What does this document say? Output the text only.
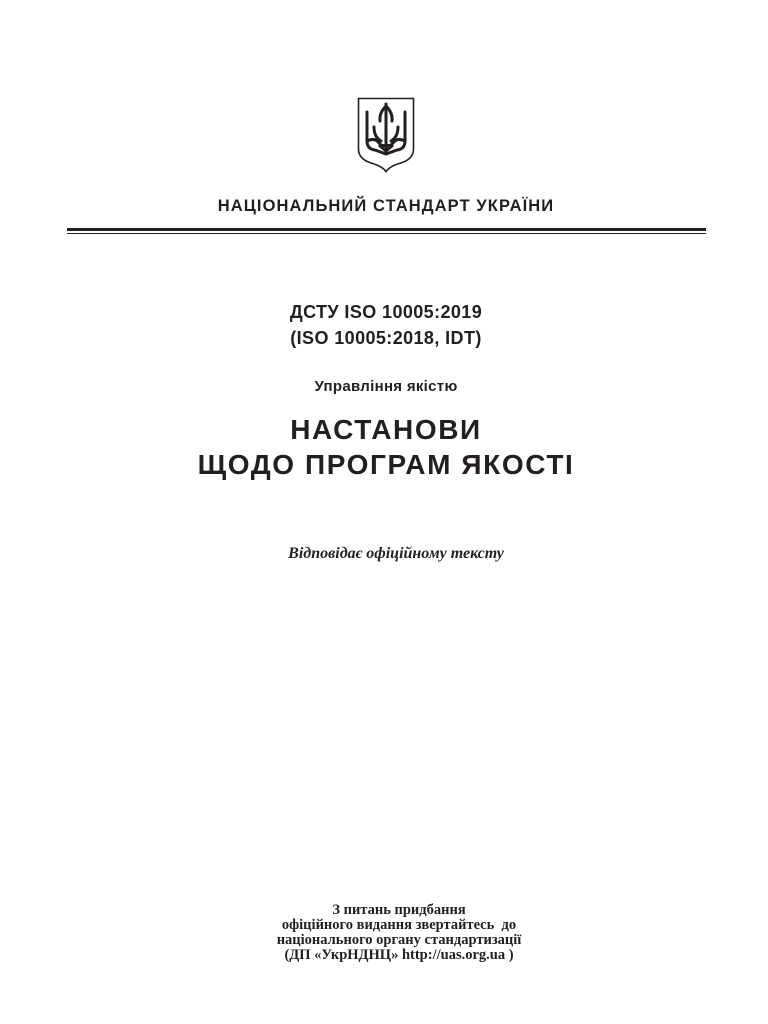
НАЦІОНАЛЬНИЙ СТАНДАРТ УКРАЇНИ
ДСТУ ISO 10005:2019
(ISO 10005:2018, IDT)
Управління якістю
НАСТАНОВИ
ЩОДО ПРОГРАМ ЯКОСТІ
Відповідає офіційному тексту
З питань придбання
офіційного видання звертайтесь  до
національного органу стандартизації
(ДП «УкрНДНЦ» http://uas.org.ua )
